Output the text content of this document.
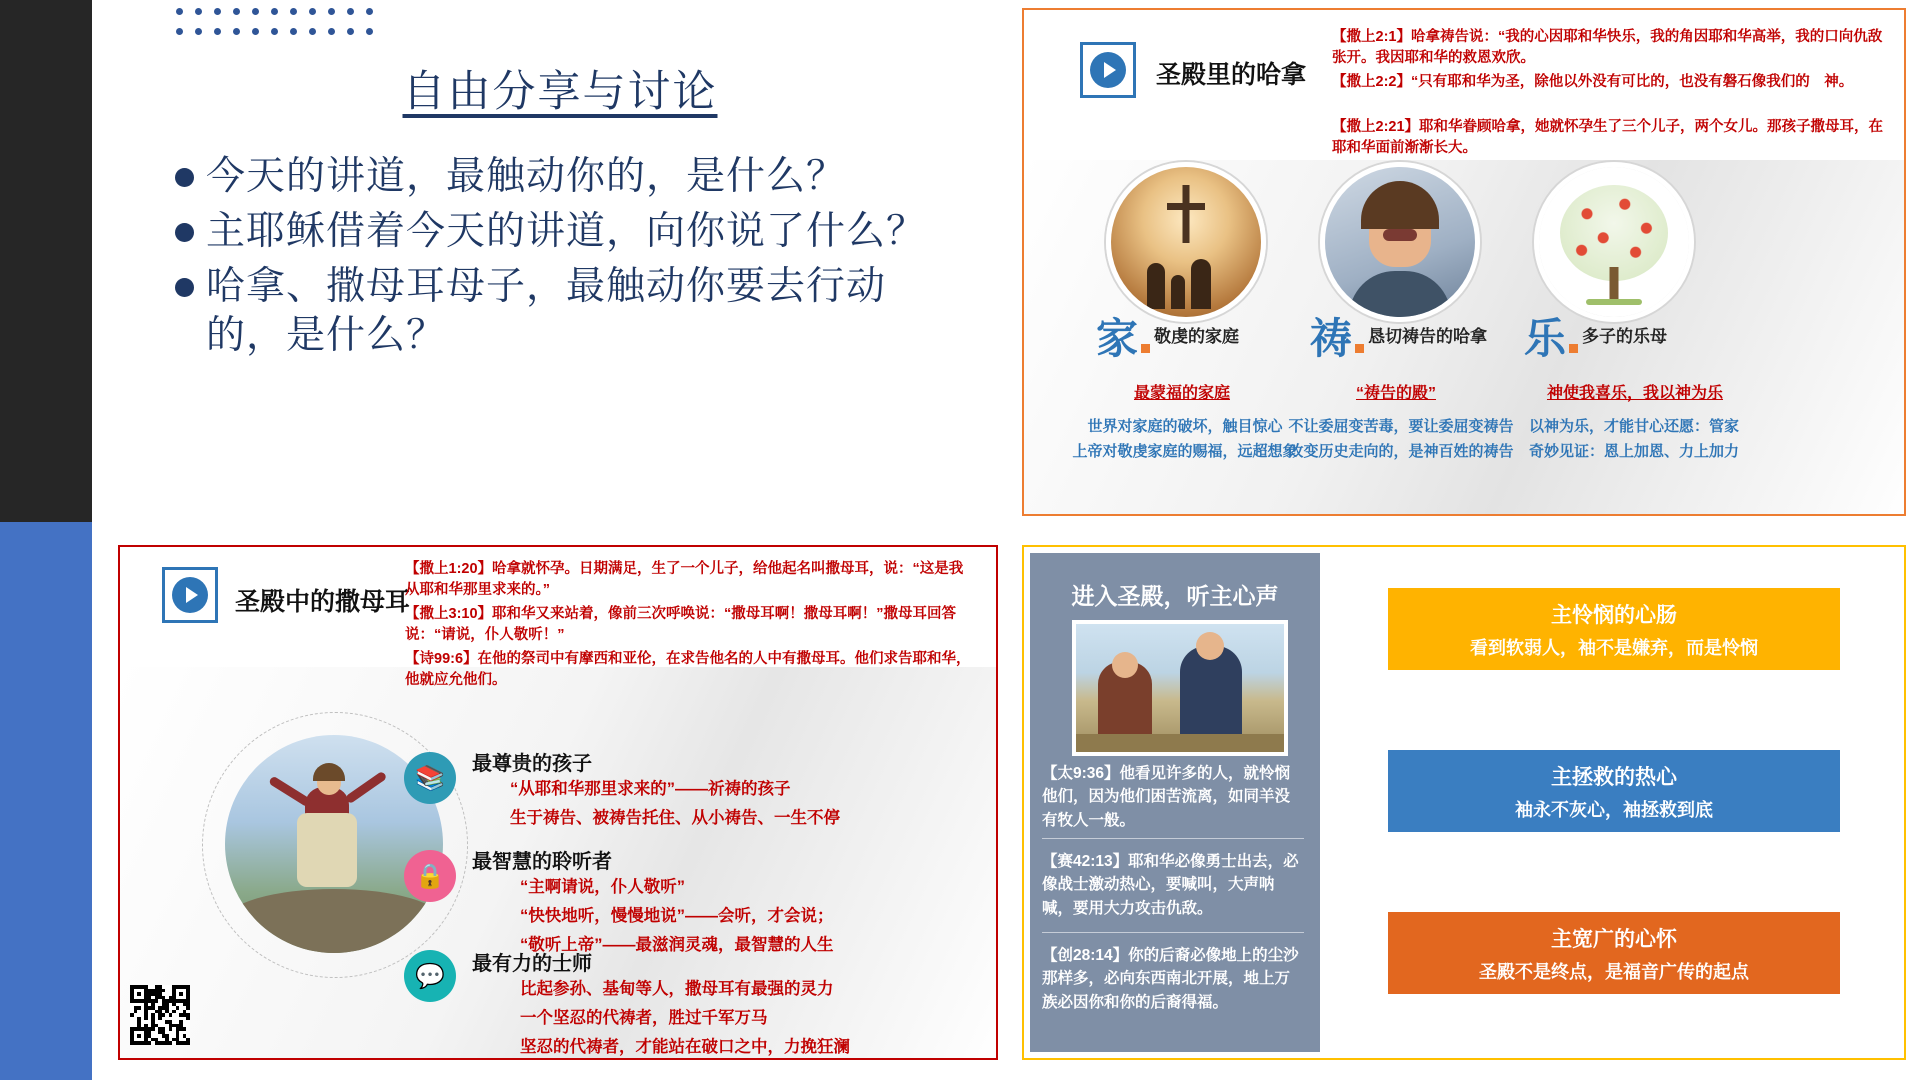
自由分享与讨论
今天的讲道，最触动你的，是什么？
主耶稣借着今天的讲道，向你说了什么？
哈拿、撒母耳母子，最触动你要去行动的，是什么？
圣殿里的哈拿
【撒上2:1】哈拿祷告说：“我的心因耶和华快乐，我的角因耶和华高举，我的口向仇敌张开。我因耶和华的救恩欢欣。
【撒上2:2】“只有耶和华为圣，除他以外没有可比的，也没有磐石像我们的　神。
【撒上2:21】耶和华眷顾哈拿，她就怀孕生了三个儿子，两个女儿。那孩子撒母耳，在耶和华面前渐渐长大。
家 敬虔的家庭 祷 恳切祷告的哈拿 乐 多子的乐母
最蒙福的家庭	“祷告的殿”	神使我喜乐，我以神为乐
世界对家庭的破坏，触目惊心
上帝对敬虔家庭的赐福，远超想象
不让委屈变苦毒，要让委屈变祷告
改变历史走向的，是神百姓的祷告
以神为乐，才能甘心还愿：管家
奇妙见证：恩上加恩、力上加力
圣殿中的撒母耳
【撒上1:20】哈拿就怀孕。日期满足，生了一个儿子，给他起名叫撒母耳，说：“这是我从耶和华那里求来的。”
【撒上3:10】耶和华又来站着，像前三次呼唤说：“撒母耳啊！撒母耳啊！”撒母耳回答说：“请说，仆人敬听！”
【诗99:6】在他的祭司中有摩西和亚伦，在求告他名的人中有撒母耳。他们求告耶和华，他就应允他们。
📚
🔒
💬
最尊贵的孩子
“从耶和华那里求来的”——祈祷的孩子
生于祷告、被祷告托住、从小祷告、一生不停
最智慧的聆听者
“主啊请说，仆人敬听”
“快快地听，慢慢地说”——会听，才会说；
“敬听上帝”——最滋润灵魂，最智慧的人生
最有力的士师
比起参孙、基甸等人，撒母耳有最强的灵力
一个坚忍的代祷者，胜过千军万马
坚忍的代祷者，才能站在破口之中，力挽狂澜
进入圣殿，听主心声
【太9:36】他看见许多的人，就怜悯他们，因为他们困苦流离，如同羊没有牧人一般。
【赛42:13】耶和华必像勇士出去，必像战士激动热心，要喊叫，大声呐喊，要用大力攻击仇敌。
【创28:14】你的后裔必像地上的尘沙那样多，必向东西南北开展，地上万族必因你和你的后裔得福。
主怜悯的心肠
看到软弱人，袖不是嫌弃，而是怜悯
主拯救的热心
袖永不灰心，袖拯救到底
主宽广的心怀
圣殿不是终点，是福音广传的起点
